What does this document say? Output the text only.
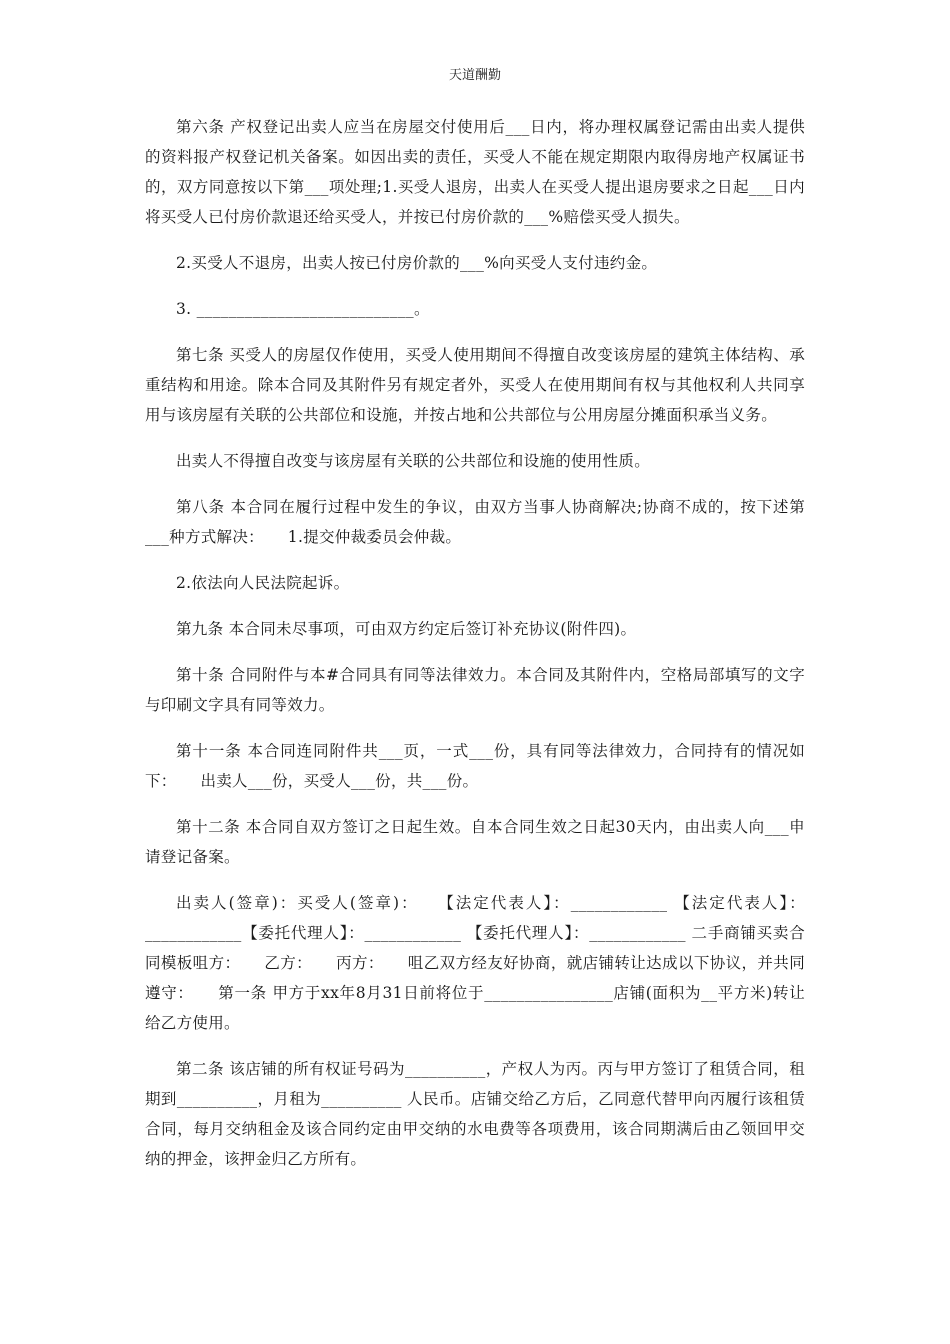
天道酬勤

第六条 产权登记出卖人应当在房屋交付使用后___日内，将办理权属登记需由出卖人提供的资料报产权登记机关备案。如因出卖的责任，买受人不能在规定期限内取得房地产权属证书的，双方同意按以下第___项处理;1.买受人退房，出卖人在买受人提出退房要求之日起___日内将买受人已付房价款退还给买受人，并按已付房价款的___%赔偿买受人损失。

2.买受人不退房，出卖人按已付房价款的___%向买受人支付违约金。

3. ___________________________。

第七条 买受人的房屋仅作使用，买受人使用期间不得擅自改变该房屋的建筑主体结构、承重结构和用途。除本合同及其附件另有规定者外，买受人在使用期间有权与其他权利人共同享用与该房屋有关联的公共部位和设施，并按占地和公共部位与公用房屋分摊面积承当义务。

出卖人不得擅自改变与该房屋有关联的公共部位和设施的使用性质。

第八条 本合同在履行过程中发生的争议，由双方当事人协商解决;协商不成的，按下述第___种方式解决：　　1.提交仲裁委员会仲裁。

2.依法向人民法院起诉。

第九条 本合同未尽事项，可由双方约定后签订补充协议(附件四)。

第十条 合同附件与本#合同具有同等法律效力。本合同及其附件内，空格局部填写的文字与印刷文字具有同等效力。

第十一条 本合同连同附件共___页，一式___份，具有同等法律效力，合同持有的情况如下：　　出卖人___份，买受人___份，共___份。

第十二条 本合同自双方签订之日起生效。自本合同生效之日起30天内，由出卖人向___申请登记备案。

出卖人(签章)：买受人(签章)：　　【法定代表人】：____________ 【法定代表人】：____________【委托代理人】：____________ 【委托代理人】：____________ 二手商铺买卖合同模板咀方：　　乙方：　　丙方：　　咀乙双方经友好协商，就店铺转让达成以下协议，并共同遵守：　　第一条 甲方于xx年8月31日前将位于________________店铺(面积为__平方米)转让给乙方使用。

第二条 该店铺的所有权证号码为__________，产权人为丙。丙与甲方签订了租赁合同，租期到__________，月租为__________ 人民币。店铺交给乙方后，乙同意代替甲向丙履行该租赁合同，每月交纳租金及该合同约定由甲交纳的水电费等各项费用，该合同期满后由乙领回甲交纳的押金，该押金归乙方所有。
